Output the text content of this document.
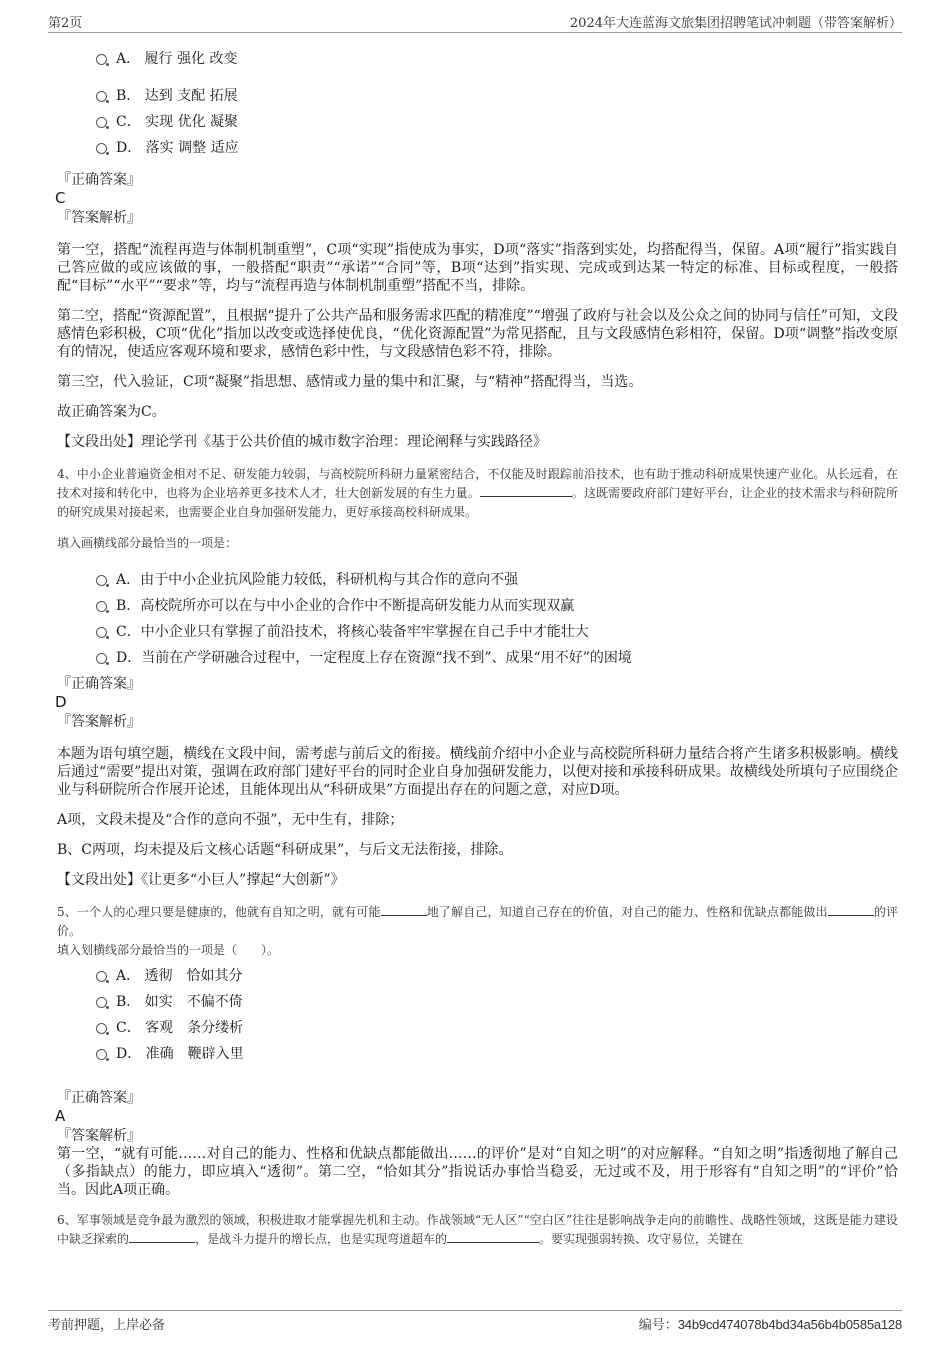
第2页	2024年大连蓝海文旅集团招聘笔试冲刺题（带答案解析）
A． 履行 强化 改变
B． 达到 支配 拓展
C． 实现 优化 凝聚
D． 落实 调整 适应
『正确答案』
C
『答案解析』
第一空，搭配“流程再造与体制机制重塑”，C项“实现”指使成为事实，D项“落实”指落到实处，均搭配得当，保留。A项“履行”指实践自己答应做的或应该做的事，一般搭配“职责”“承诺”“合同”等，B项“达到”指实现、完成或到达某一特定的标准、目标或程度，一般搭配“目标”“水平”“要求”等，均与“流程再造与体制机制重塑”搭配不当，排除。
第二空，搭配“资源配置”，且根据“提升了公共产品和服务需求匹配的精准度”“增强了政府与社会以及公众之间的协同与信任”可知，文段感情色彩积极，C项“优化”指加以改变或选择使优良，“优化资源配置”为常见搭配，且与文段感情色彩相符，保留。D项“调整”指改变原有的情况，使适应客观环境和要求，感情色彩中性，与文段感情色彩不符，排除。
第三空，代入验证，C项“凝聚”指思想、感情或力量的集中和汇聚，与“精神”搭配得当，当选。
故正确答案为C。
【文段出处】理论学刊《基于公共价值的城市数字治理：理论阐释与实践路径》
4、中小企业普遍资金相对不足、研发能力较弱，与高校院所科研力量紧密结合，不仅能及时跟踪前沿技术，也有助于推动科研成果快速产业化。从长远看，在技术对接和转化中，也将为企业培养更多技术人才，壮大创新发展的有生力量。	。这既需要政府部门建好平台，让企业的技术需求与科研院所的研究成果对接起来，也需要企业自身加强研发能力，更好承接高校科研成果。
填入画横线部分最恰当的一项是：
A．由于中小企业抗风险能力较低，科研机构与其合作的意向不强
B．高校院所亦可以在与中小企业的合作中不断提高研发能力从而实现双赢
C．中小企业只有掌握了前沿技术，将核心装备牢牢掌握在自己手中才能壮大
D．当前在产学研融合过程中，一定程度上存在资源“找不到”、成果“用不好”的困境
『正确答案』
D
『答案解析』
本题为语句填空题，横线在文段中间，需考虑与前后文的衔接。横线前介绍中小企业与高校院所科研力量结合将产生诸多积极影响。横线后通过“需要”提出对策，强调在政府部门建好平台的同时企业自身加强研发能力，以便对接和承接科研成果。故横线处所填句子应围绕企业与科研院所合作展开论述，且能体现出从“科研成果”方面提出存在的问题之意，对应D项。
A项，文段未提及“合作的意向不强”，无中生有，排除；
B、C两项，均未提及后文核心话题“科研成果”，与后文无法衔接，排除。
【文段出处】《让更多“小巨人”撑起“大创新”》
5、一个人的心理只要是健康的，他就有自知之明，就有可能	地了解自己，知道自己存在的价值，对自己的能力、性格和优缺点都能做出	的评价。
填入划横线部分最恰当的一项是（　　）。
A． 透彻　恰如其分
B． 如实　不偏不倚
C． 客观　条分缕析
D． 准确　鞭辟入里
『正确答案』
A
『答案解析』
第一空，“就有可能……对自己的能力、性格和优缺点都能做出……的评价”是对“自知之明”的对应解释。“自知之明”指透彻地了解自己（多指缺点）的能力，即应填入“透彻”。第二空，“恰如其分”指说话办事恰当稳妥，无过或不及，用于形容有“自知之明”的“评价”恰当。因此A项正确。
6、军事领域是竞争最为激烈的领域，积极进取才能掌握先机和主动。作战领域“无人区”“空白区”往往是影响战争走向的前瞻性、战略性领域，这既是能力建设中缺乏探索的	，是战斗力提升的增长点，也是实现弯道超车的	。要实现强弱转换、攻守易位，关键在
考前押题，上岸必备	编号：34b9cd474078b4bd34a56b4b0585a128
